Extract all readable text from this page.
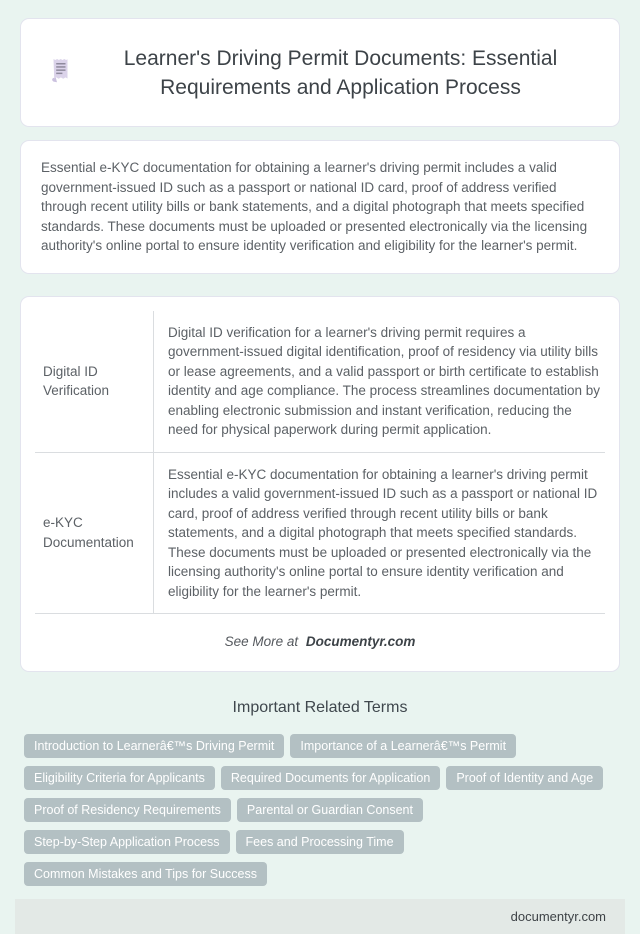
Learner's Driving Permit Documents: Essential Requirements and Application Process

Essential e-KYC documentation for obtaining a learner's driving permit includes a valid government-issued ID such as a passport or national ID card, proof of address verified through recent utility bills or bank statements, and a digital photograph that meets specified standards. These documents must be uploaded or presented electronically via the licensing authority's online portal to ensure identity verification and eligibility for the learner's permit.

Digital ID Verification	Digital ID verification for a learner's driving permit requires a government-issued digital identification, proof of residency via utility bills or lease agreements, and a valid passport or birth certificate to establish identity and age compliance. The process streamlines documentation by enabling electronic submission and instant verification, reducing the need for physical paperwork during permit application.
e-KYC Documentation	Essential e-KYC documentation for obtaining a learner's driving permit includes a valid government-issued ID such as a passport or national ID card, proof of address verified through recent utility bills or bank statements, and a digital photograph that meets specified standards. These documents must be uploaded or presented electronically via the licensing authority's online portal to ensure identity verification and eligibility for the learner's permit.
See More at Documentyr.com
Important Related Terms
Introduction to Learnerâ€™s Driving Permit	Importance of a Learnerâ€™s Permit
Eligibility Criteria for Applicants	Required Documents for Application	Proof of Identity and Age
Proof of Residency Requirements	Parental or Guardian Consent
Step-by-Step Application Process	Fees and Processing Time
Common Mistakes and Tips for Success
documentyr.com
